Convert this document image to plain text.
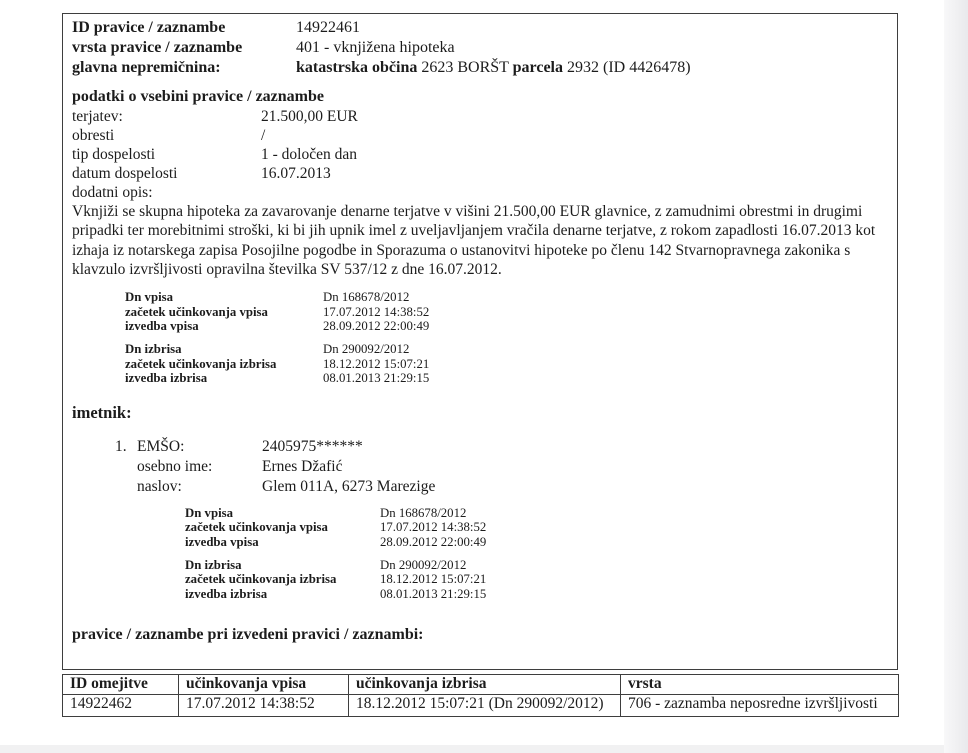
ID pravice / zaznambe	14922461
vrsta pravice / zaznambe	401 - vknjižena hipoteka
glavna nepremičnina:	katastrska občina 2623 BORŠT parcela 2932 (ID 4426478)
podatki o vsebini pravice / zaznambe
terjatev:	21.500,00 EUR
obresti	/
tip dospelosti	1 - določen dan
datum dospelosti	16.07.2013
dodatni opis:
Vknjiži se skupna hipoteka za zavarovanje denarne terjatve v višini 21.500,00 EUR glavnice, z zamudnimi obrestmi in drugimi pripadki ter morebitnimi stroški, ki bi jih upnik imel z uveljavljanjem vračila denarne terjatve, z rokom zapadlosti 16.07.2013 kot izhaja iz notarskega zapisa Posojilne pogodbe in Sporazuma o ustanovitvi hipoteke po členu 142 Stvarnopravnega zakonika s klavzulo izvršljivosti opravilna številka SV 537/12 z dne 16.07.2012.
Dn vpisa	Dn 168678/2012
začetek učinkovanja vpisa	17.07.2012 14:38:52
izvedba vpisa	28.09.2012 22:00:49
Dn izbrisa	Dn 290092/2012
začetek učinkovanja izbrisa	18.12.2012 15:07:21
izvedba izbrisa	08.01.2013 21:29:15
imetnik:
1. EMŠO:	2405975******
osebno ime:	Ernes Džafić
naslov:	Glem 011A, 6273 Marezige
Dn vpisa	Dn 168678/2012
začetek učinkovanja vpisa	17.07.2012 14:38:52
izvedba vpisa	28.09.2012 22:00:49
Dn izbrisa	Dn 290092/2012
začetek učinkovanja izbrisa	18.12.2012 15:07:21
izvedba izbrisa	08.01.2013 21:29:15
pravice / zaznambe pri izvedeni pravici / zaznambi:
ID omejitve	učinkovanja vpisa	učinkovanja izbrisa	vrsta
14922462	17.07.2012 14:38:52	18.12.2012 15:07:21 (Dn 290092/2012)	706 - zaznamba neposredne izvršljivosti
